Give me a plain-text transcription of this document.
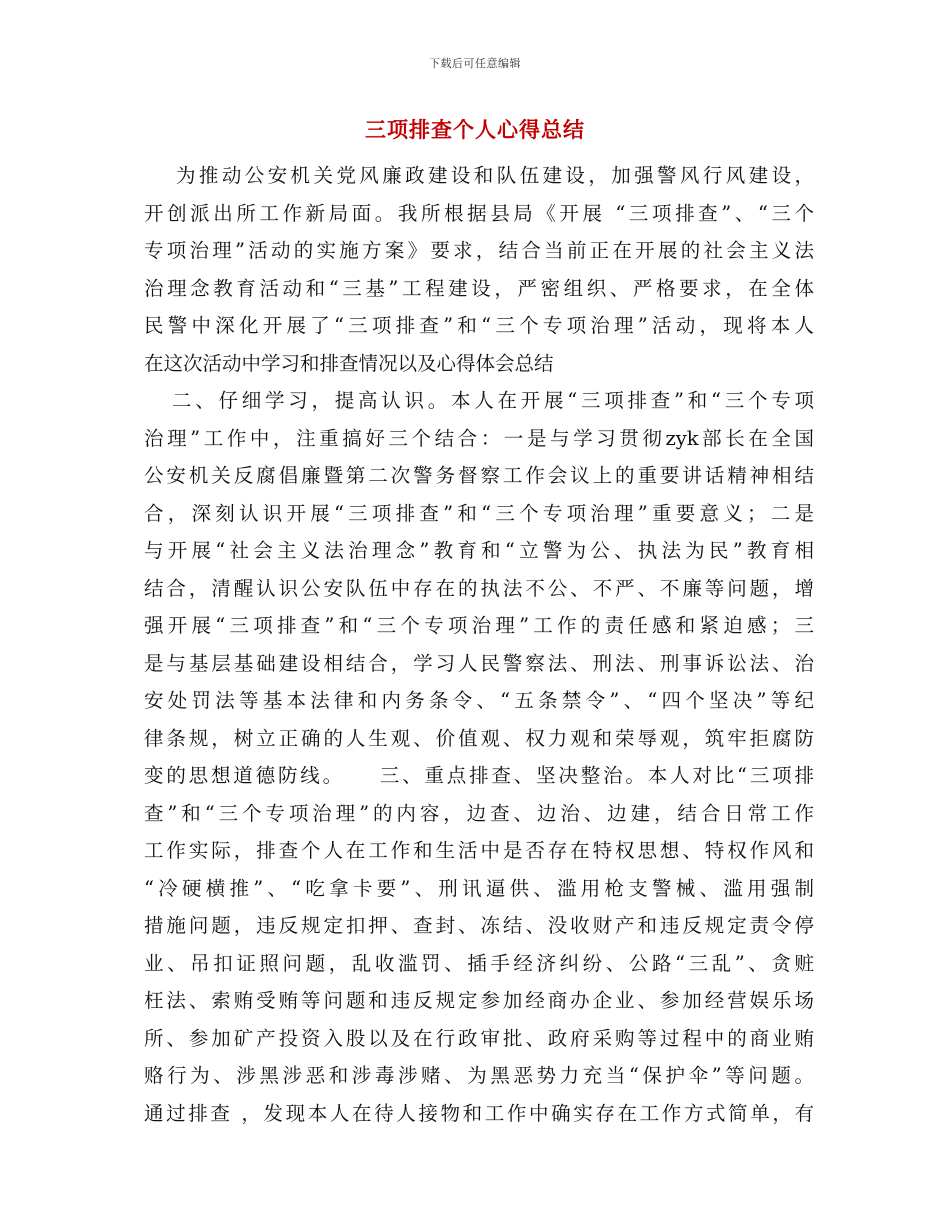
下载后可任意编辑
三项排查个人心得总结
为推动公安机关党风廉政建设和队伍建设，加强警风行风建设，
开创派出所工作新局面。我所根据县局《开展 “三项排查”、“三个
专项治理”活动的实施方案》要求，结合当前正在开展的社会主义法
治理念教育活动和“三基”工程建设，严密组织、严格要求，在全体
民警中深化开展了“三项排查”和“三个专项治理”活动，现将本人
在这次活动中学习和排查情况以及心得体会总结
二、仔细学习，提高认识。本人在开展“三项排查”和“三个专项
治理”工作中，注重搞好三个结合：一是与学习贯彻zyk部长在全国
公安机关反腐倡廉暨第二次警务督察工作会议上的重要讲话精神相结
合，深刻认识开展“三项排查”和“三个专项治理”重要意义；二是
与开展“社会主义法治理念”教育和“立警为公、执法为民”教育相
结合，清醒认识公安队伍中存在的执法不公、不严、不廉等问题，增
强开展“三项排查”和“三个专项治理”工作的责任感和紧迫感；三
是与基层基础建设相结合，学习人民警察法、刑法、刑事诉讼法、治
安处罚法等基本法律和内务条令、“五条禁令”、“四个坚决”等纪
律条规，树立正确的人生观、价值观、权力观和荣辱观，筑牢拒腐防
变的思想道德防线。　　三、重点排查、坚决整治。本人对比“三项排
查”和“三个专项治理”的内容，边查、边治、边建，结合日常工作
工作实际，排查个人在工作和生活中是否存在特权思想、特权作风和
“冷硬横推”、“吃拿卡要”、刑讯逼供、滥用枪支警械、滥用强制
措施问题，违反规定扣押、查封、冻结、没收财产和违反规定责令停
业、吊扣证照问题，乱收滥罚、插手经济纠纷、公路“三乱”、贪赃
枉法、索贿受贿等问题和违反规定参加经商办企业、参加经营娱乐场
所、参加矿产投资入股以及在行政审批、政府采购等过程中的商业贿
赂行为、涉黑涉恶和涉毒涉赌、为黑恶势力充当“保护伞”等问题。
通过排查 ，发现本人在待人接物和工作中确实存在工作方式简单，有
